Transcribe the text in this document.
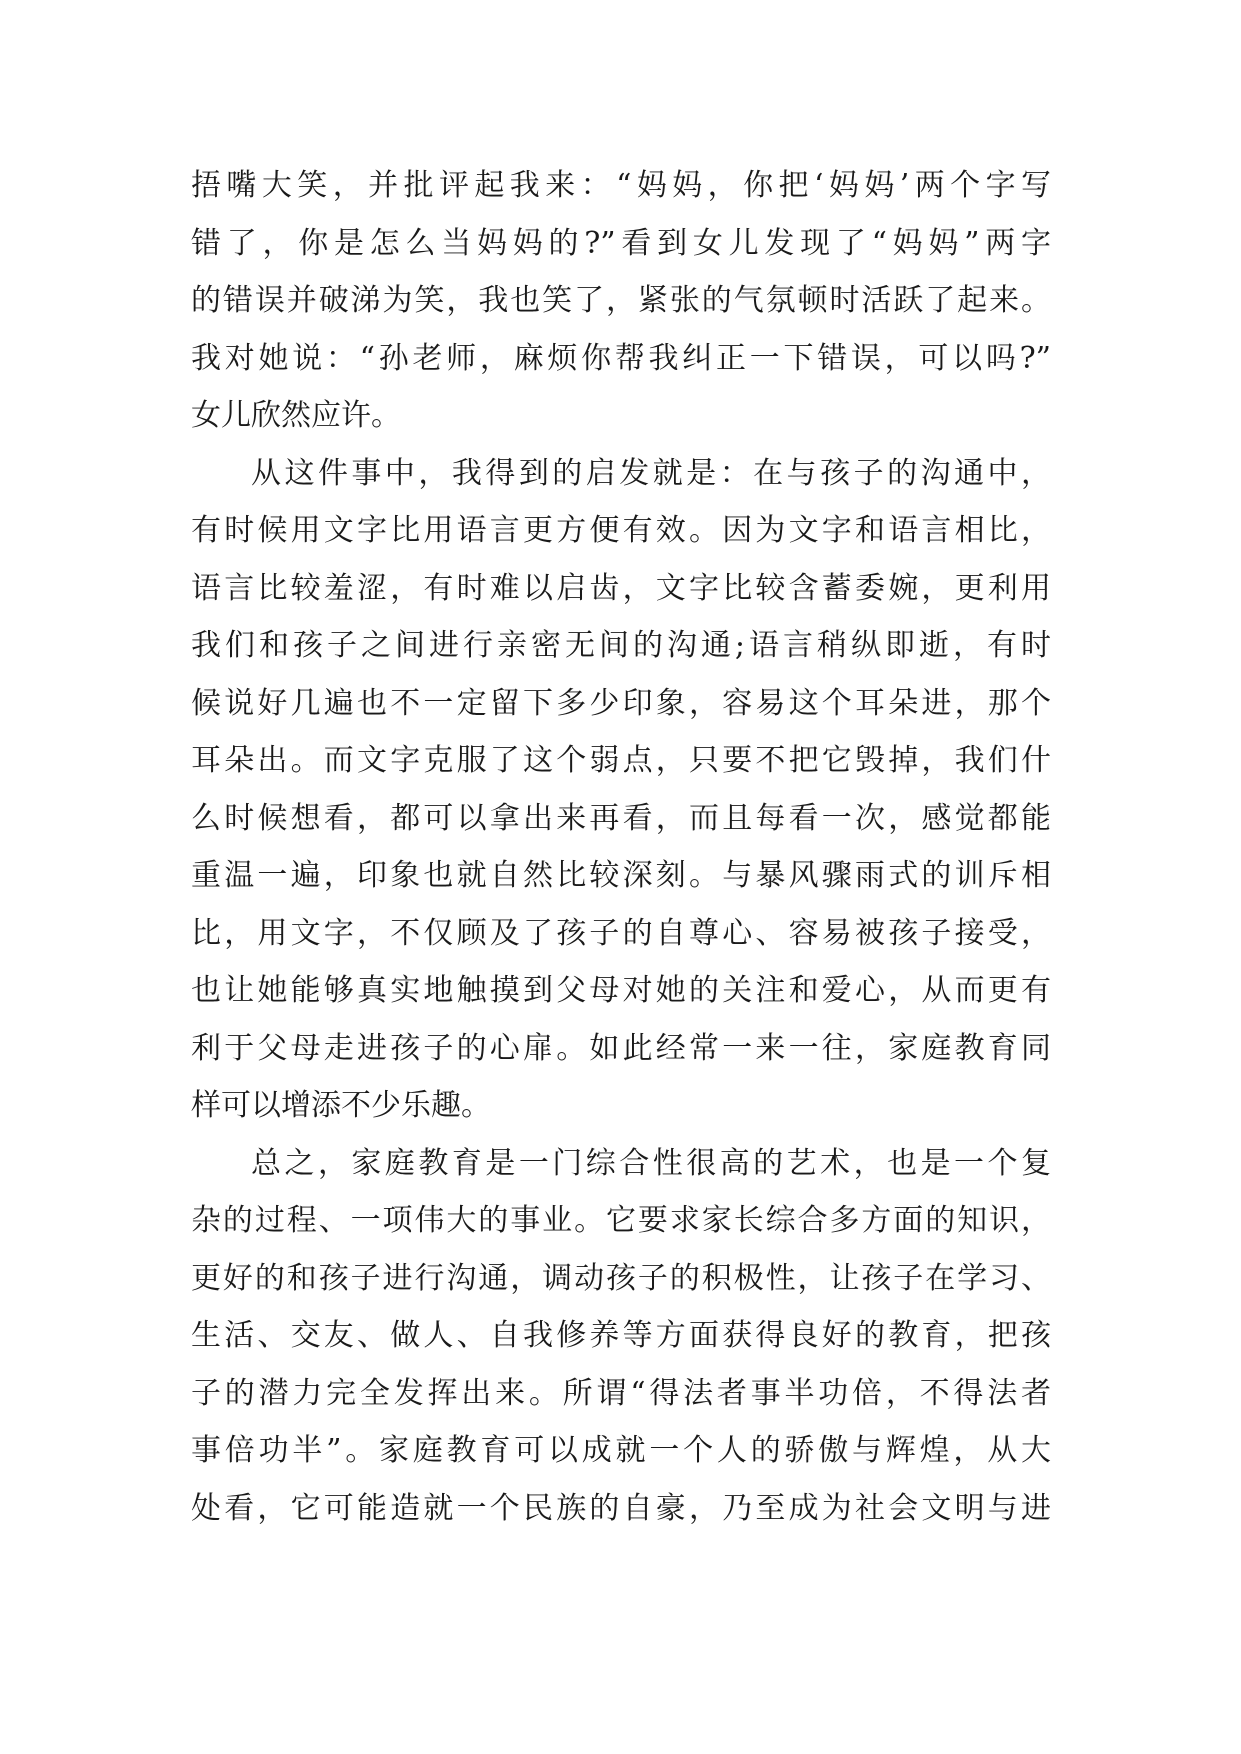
捂嘴大笑，并批评起我来：“妈妈，你把‘妈妈’两个字写
错了，你是怎么当妈妈的?”看到女儿发现了“妈妈”两字
的错误并破涕为笑，我也笑了，紧张的气氛顿时活跃了起来。
我对她说：“孙老师，麻烦你帮我纠正一下错误，可以吗?”
女儿欣然应许。
从这件事中，我得到的启发就是：在与孩子的沟通中，
有时候用文字比用语言更方便有效。因为文字和语言相比，
语言比较羞涩，有时难以启齿，文字比较含蓄委婉，更利用
我们和孩子之间进行亲密无间的沟通;语言稍纵即逝，有时
候说好几遍也不一定留下多少印象，容易这个耳朵进，那个
耳朵出。而文字克服了这个弱点，只要不把它毁掉，我们什
么时候想看，都可以拿出来再看，而且每看一次，感觉都能
重温一遍，印象也就自然比较深刻。与暴风骤雨式的训斥相
比，用文字，不仅顾及了孩子的自尊心、容易被孩子接受，
也让她能够真实地触摸到父母对她的关注和爱心，从而更有
利于父母走进孩子的心扉。如此经常一来一往，家庭教育同
样可以增添不少乐趣。
总之，家庭教育是一门综合性很高的艺术，也是一个复
杂的过程、一项伟大的事业。它要求家长综合多方面的知识，
更好的和孩子进行沟通，调动孩子的积极性，让孩子在学习、
生活、交友、做人、自我修养等方面获得良好的教育，把孩
子的潜力完全发挥出来。所谓“得法者事半功倍，不得法者
事倍功半”。家庭教育可以成就一个人的骄傲与辉煌，从大
处看，它可能造就一个民族的自豪，乃至成为社会文明与进
